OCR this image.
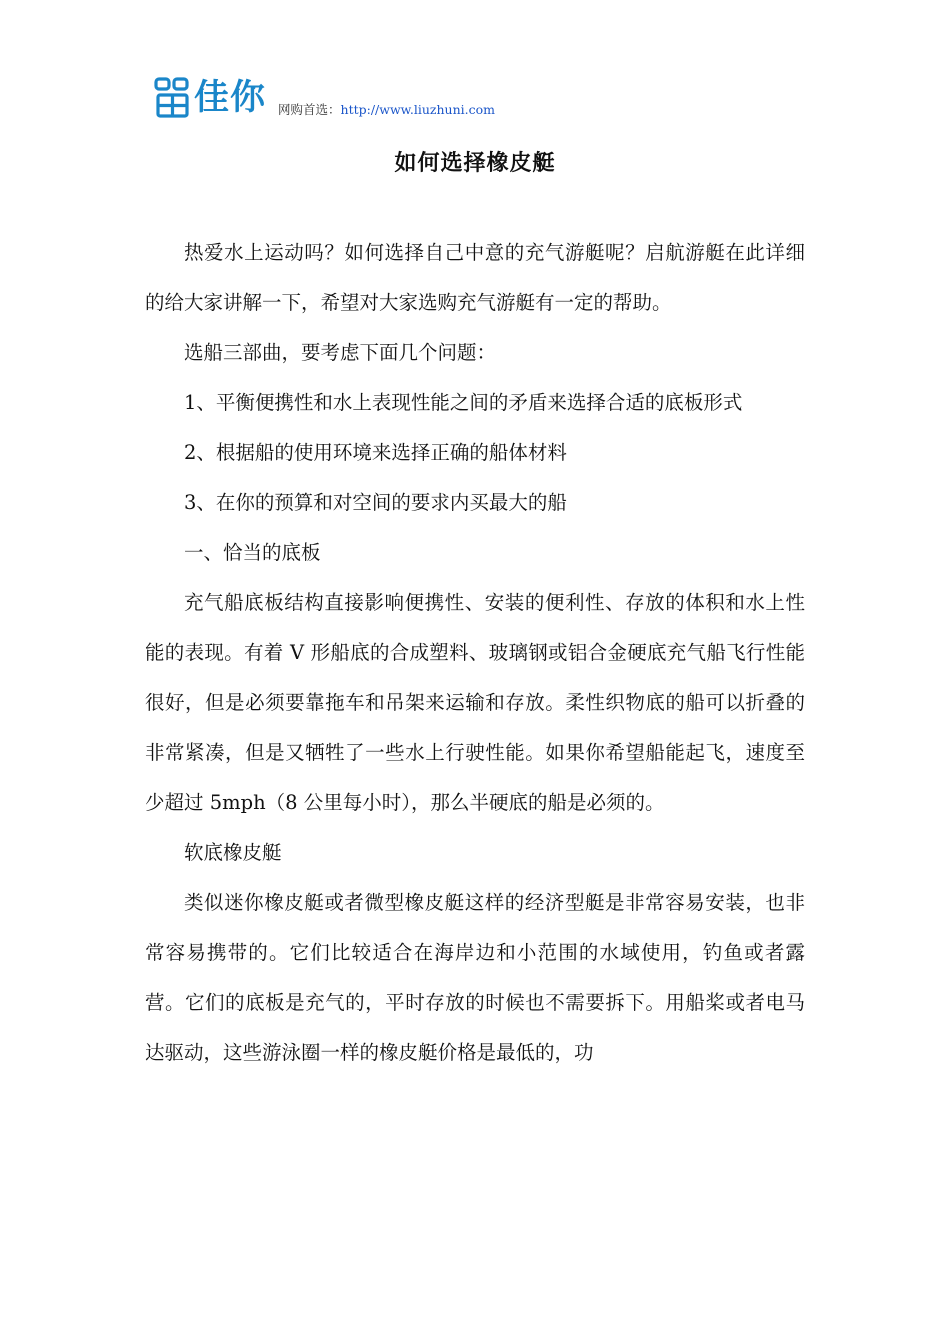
佳你 网购首选：http://www.liuzhuni.com
如何选择橡皮艇

热爱水上运动吗？如何选择自己中意的充气游艇呢？启航游艇在此详细的给大家讲解一下，希望对大家选购充气游艇有一定的帮助。

选船三部曲，要考虑下面几个问题：

1、平衡便携性和水上表现性能之间的矛盾来选择合适的底板形式

2、根据船的使用环境来选择正确的船体材料

3、在你的预算和对空间的要求内买最大的船

一、恰当的底板

充气船底板结构直接影响便携性、安装的便利性、存放的体积和水上性能的表现。有着 V 形船底的合成塑料、玻璃钢或铝合金硬底充气船飞行性能很好，但是必须要靠拖车和吊架来运输和存放。柔性织物底的船可以折叠的非常紧凑，但是又牺牲了一些水上行驶性能。如果你希望船能起飞，速度至少超过 5mph（8 公里每小时），那么半硬底的船是必须的。

软底橡皮艇

类似迷你橡皮艇或者微型橡皮艇这样的经济型艇是非常容易安装，也非常容易携带的。它们比较适合在海岸边和小范围的水域使用，钓鱼或者露营。它们的底板是充气的，平时存放的时候也不需要拆下。用船桨或者电马达驱动，这些游泳圈一样的橡皮艇价格是最低的，功
